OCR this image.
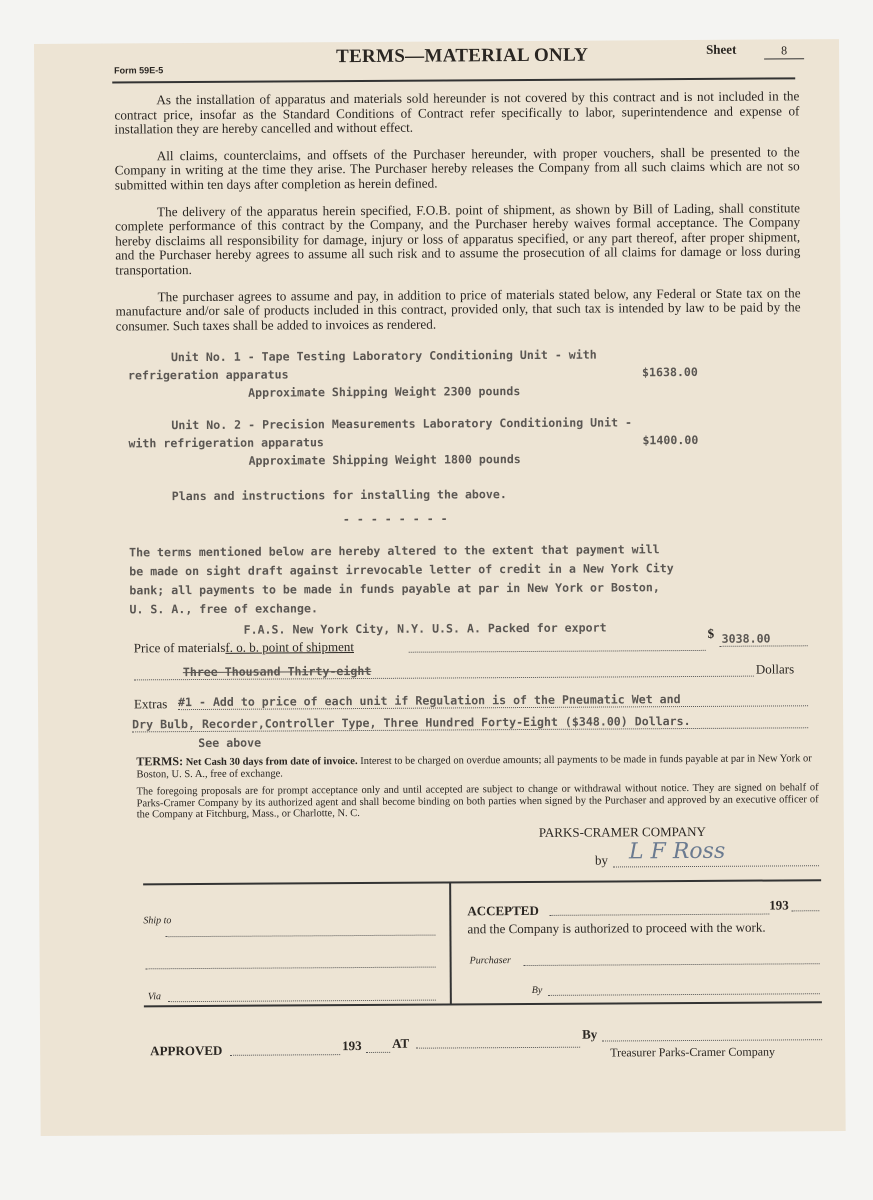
Form 59E-5
TERMS—MATERIAL ONLY	Sheet	8

As the installation of apparatus and materials sold hereunder is not covered by this contract and is not included in the contract price, insofar as the Standard Conditions of Contract refer specifically to labor, superintendence and expense of installation they are hereby cancelled and without effect.

All claims, counterclaims, and offsets of the Purchaser hereunder, with proper vouchers, shall be presented to the Company in writing at the time they arise. The Purchaser hereby releases the Company from all such claims which are not so submitted within ten days after completion as herein defined.

The delivery of the apparatus herein specified, F.O.B. point of shipment, as shown by Bill of Lading, shall constitute complete performance of this contract by the Company, and the Purchaser hereby waives formal acceptance. The Company hereby disclaims all responsibility for damage, injury or loss of apparatus specified, or any part thereof, after proper shipment, and the Purchaser hereby agrees to assume all such risk and to assume the prosecution of all claims for damage or loss during transportation.

The purchaser agrees to assume and pay, in addition to price of materials stated below, any Federal or State tax on the manufacture and/or sale of products included in this contract, provided only, that such tax is intended by law to be paid by the consumer. Such taxes shall be added to invoices as rendered.

Unit No. 1 - Tape Testing Laboratory Conditioning Unit - with
refrigeration apparatus	$1638.00
Approximate Shipping Weight 2300 pounds
Unit No. 2 - Precision Measurements Laboratory Conditioning Unit -
with refrigeration apparatus	$1400.00
Approximate Shipping Weight 1800 pounds
Plans and instructions for installing the above.
- - - - - - - -
The terms mentioned below are hereby altered to the extent that payment will
be made on sight draft against irrevocable letter of credit in a New York City
bank; all payments to be made in funds payable at par in New York or Boston,
U. S. A., free of exchange.
F.A.S. New York City, N.Y. U.S. A. Packed for export
Price of materialsf. o. b. point of shipment
$ 3038.00
Three Thousand Thirty-eight	Dollars
Extras #1 - Add to price of each unit if Regulation is of the Pneumatic Wet and
Dry Bulb, Recorder,Controller Type, Three Hundred Forty-Eight ($348.00) Dollars.
See above
TERMS: Net Cash 30 days from date of invoice. Interest to be charged on overdue amounts; all payments to be made in funds payable at par in New York or Boston, U. S. A., free of exchange.
The foregoing proposals are for prompt acceptance only and until accepted are subject to change or withdrawal without notice. They are signed on behalf of Parks-Cramer Company by its authorized agent and shall become binding on both parties when signed by the Purchaser and approved by an executive officer of the Company at Fitchburg, Mass., or Charlotte, N. C.
PARKS-CRAMER COMPANY
by L F Ross
Ship to
Via
ACCEPTED	193
and the Company is authorized to proceed with the work.
Purchaser
By
APPROVED	193 AT
By
Treasurer Parks-Cramer Company
